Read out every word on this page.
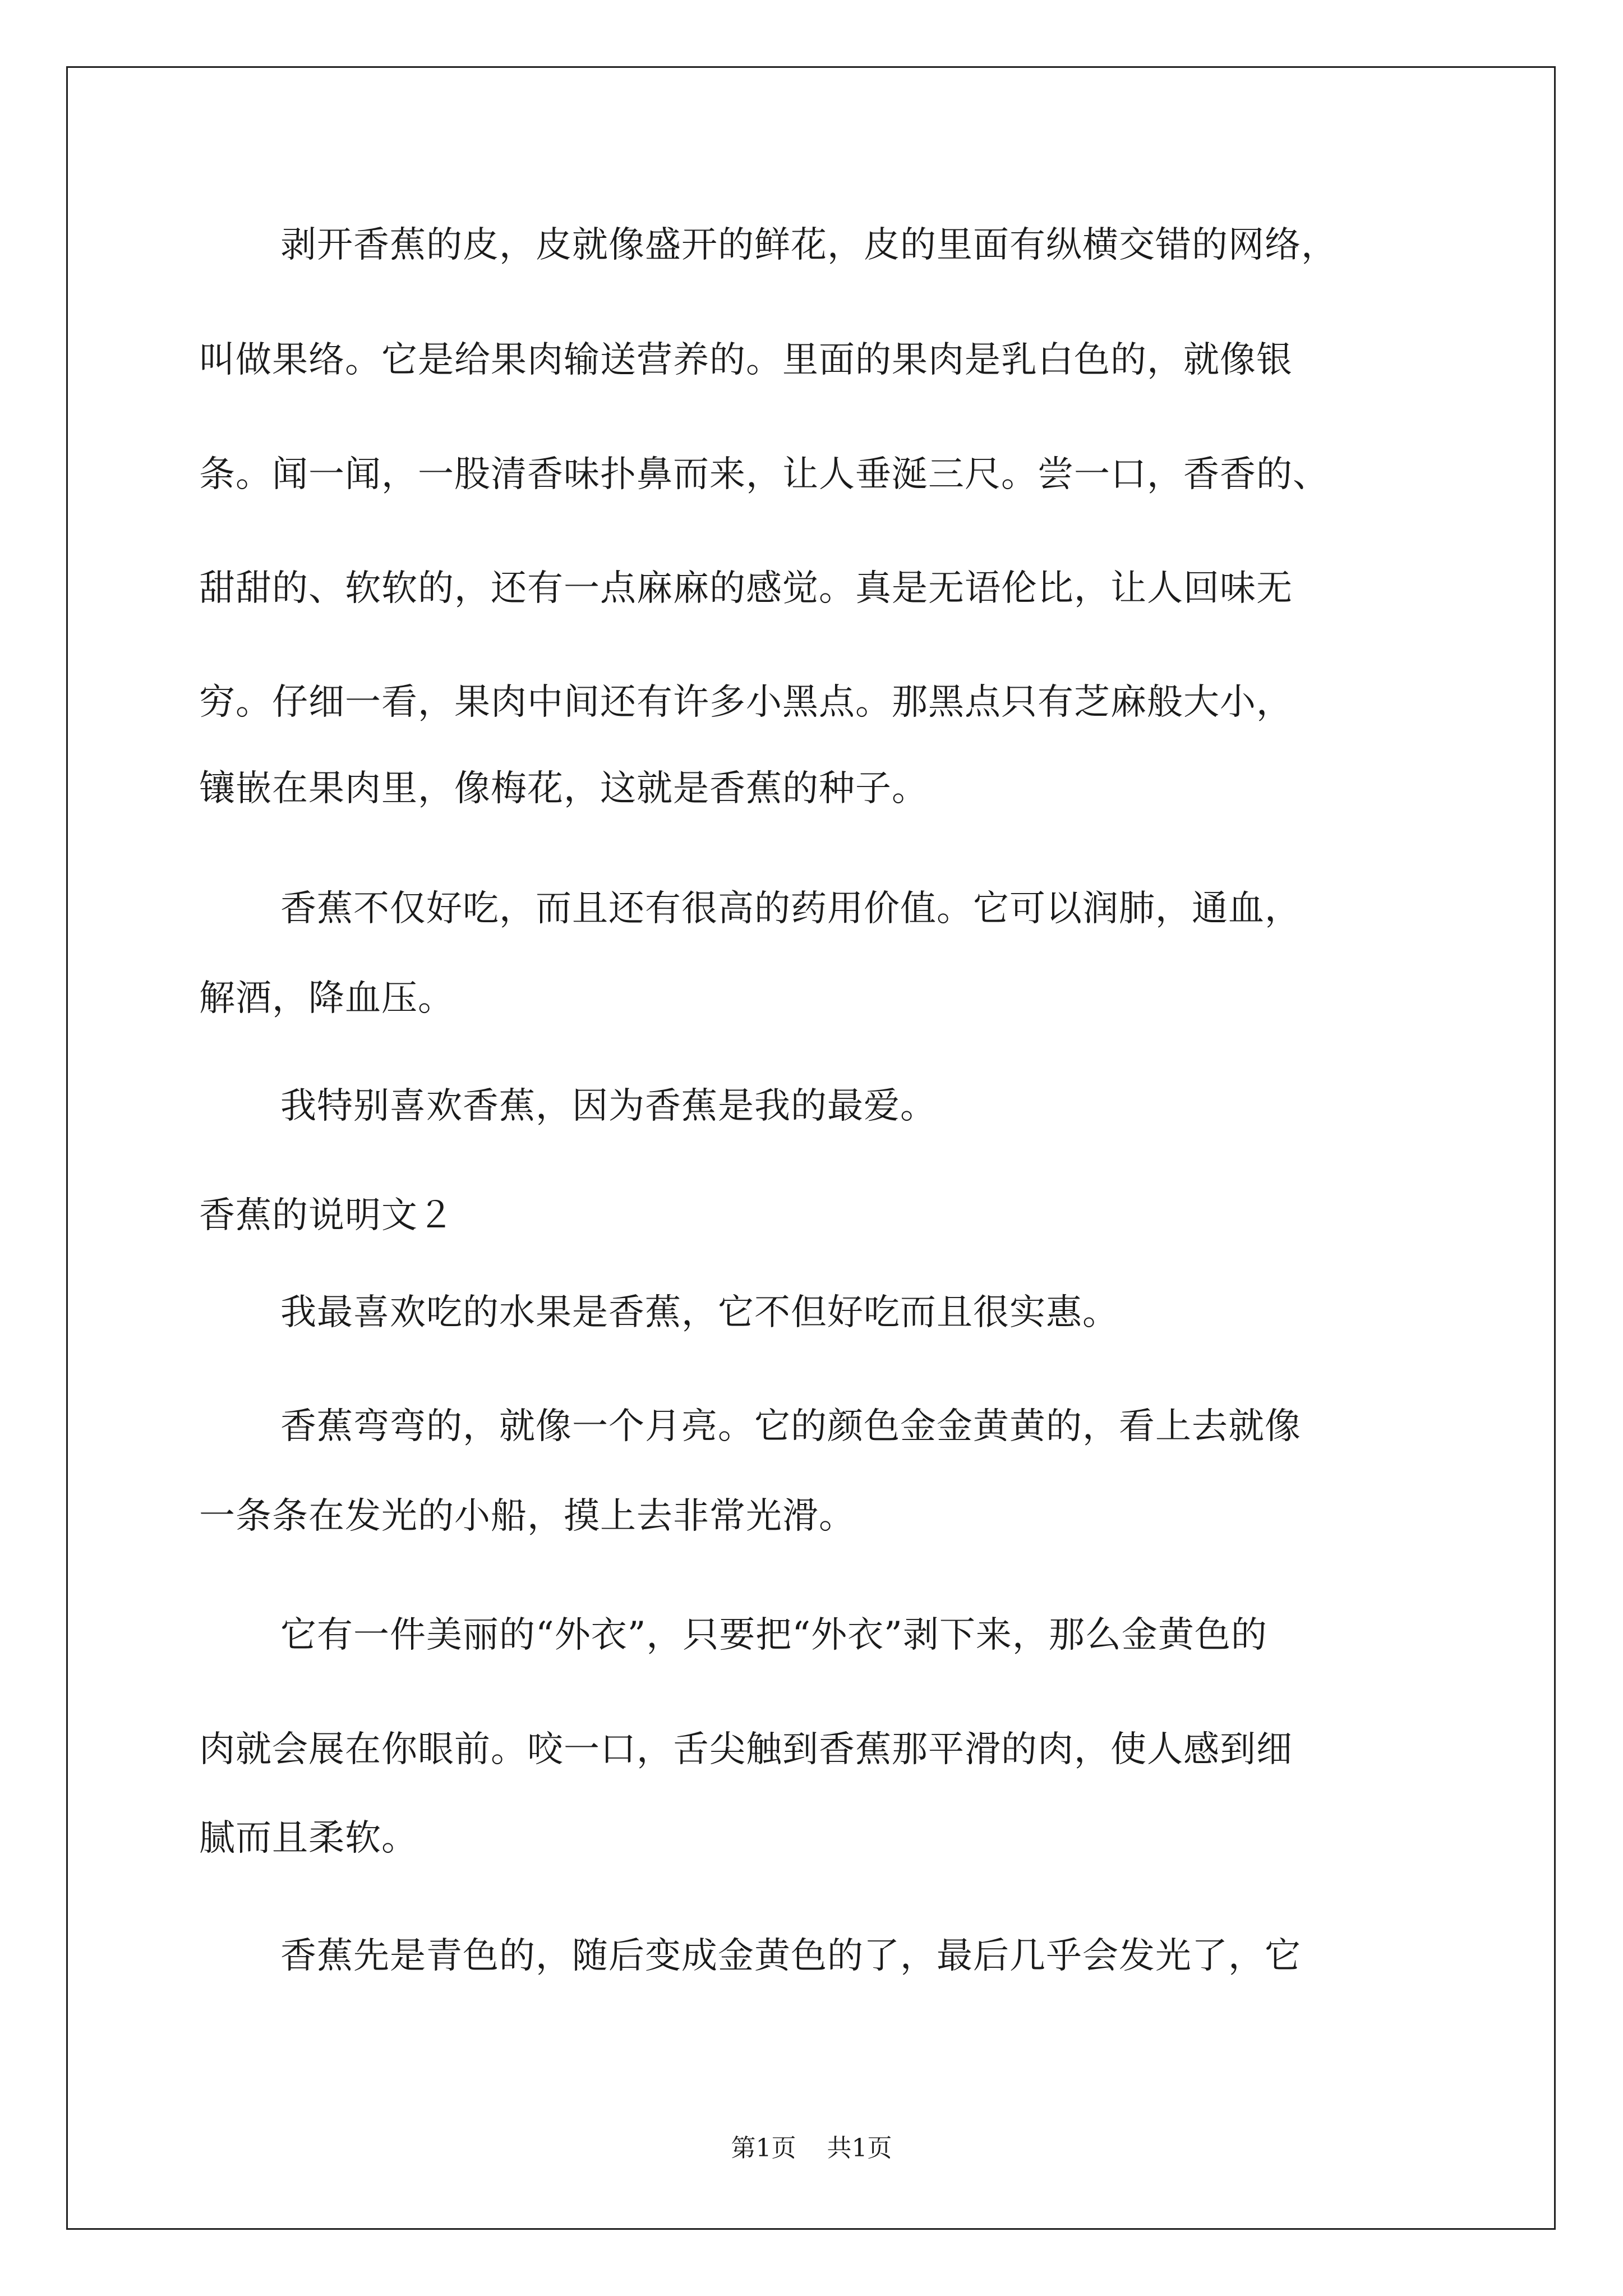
剥开香蕉的皮，皮就像盛开的鲜花，皮的里面有纵横交错的网络，
叫做果络。它是给果肉输送营养的。里面的果肉是乳白色的，就像银
条。闻一闻，一股清香味扑鼻而来，让人垂涎三尺。尝一口，香香的、
甜甜的、软软的，还有一点麻麻的感觉。真是无语伦比，让人回味无
穷。仔细一看，果肉中间还有许多小黑点。那黑点只有芝麻般大小，
镶嵌在果肉里，像梅花，这就是香蕉的种子。
香蕉不仅好吃，而且还有很高的药用价值。它可以润肺，通血，
解酒，降血压。
我特别喜欢香蕉，因为香蕉是我的最爱。
香蕉的说明文２
我最喜欢吃的水果是香蕉，它不但好吃而且很实惠。
香蕉弯弯的，就像一个月亮。它的颜色金金黄黄的，看上去就像
一条条在发光的小船，摸上去非常光滑。
它有一件美丽的“外衣”，只要把“外衣”剥下来，那么金黄色的
肉就会展在你眼前。咬一口，舌尖触到香蕉那平滑的肉，使人感到细
腻而且柔软。
香蕉先是青色的，随后变成金黄色的了，最后几乎会发光了，它
第1页 共1页
